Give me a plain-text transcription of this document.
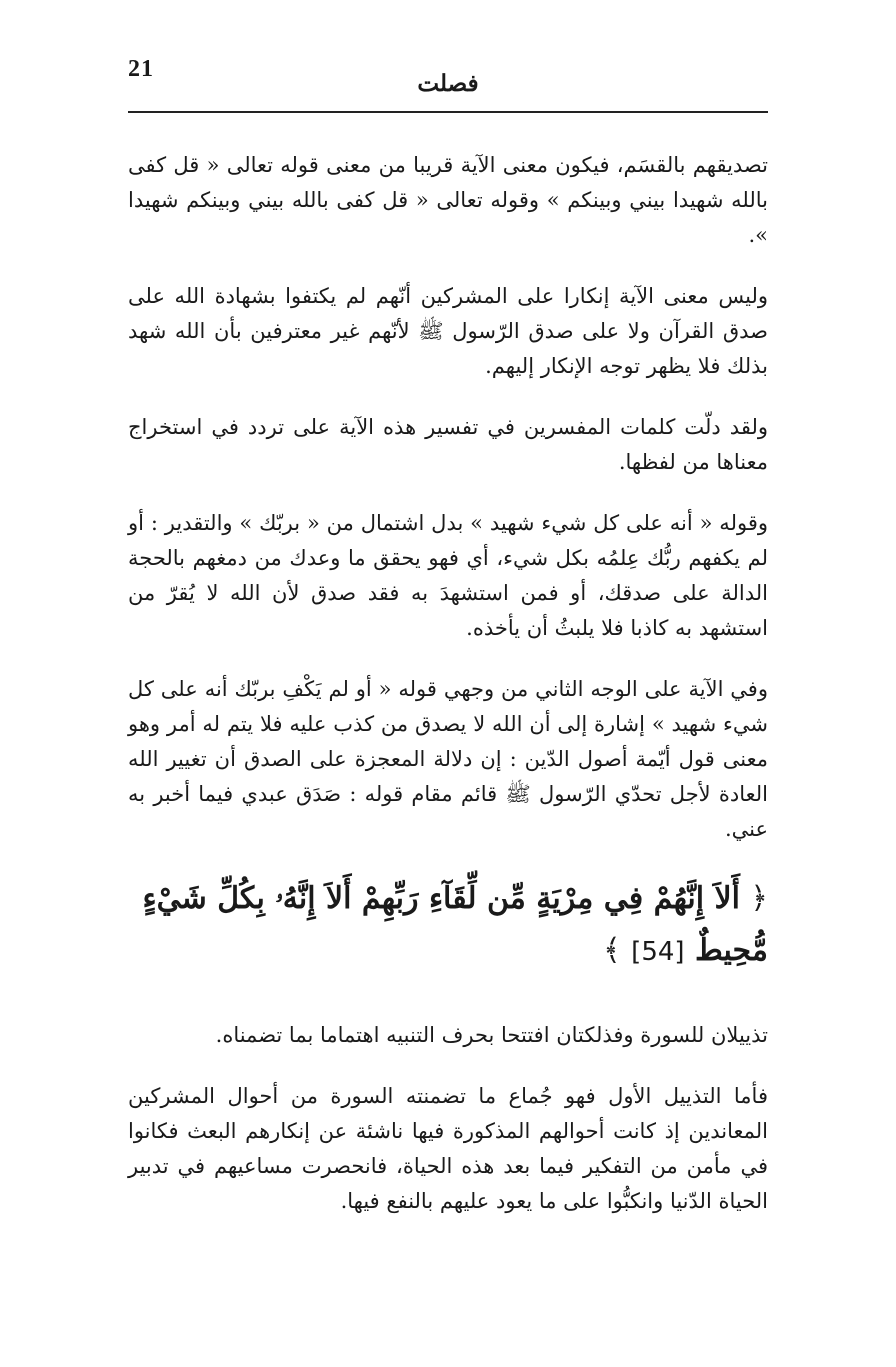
21
فصلت

تصديقهم بالقسَم، فيكون معنى الآية قريبا من معنى قوله تعالى « قل كفى بالله شهيدا بيني وبينكم » وقوله تعالى « قل كفى بالله بيني وبينكم شهيدا ».

وليس معنى الآية إنكارا على المشركين أنّهم لم يكتفوا بشهادة الله على صدق القرآن ولا على صدق الرّسول ﷺ لأنّهم غير معترفين بأن الله شهد بذلك فلا يظهر توجه الإنكار إليهم.

ولقد دلّت كلمات المفسرين في تفسير هذه الآية على تردد في استخراج معناها من لفظها.

وقوله « أنه على كل شيء شهيد » بدل اشتمال من « بربّك » والتقدير : أو لم يكفهم ربُّك عِلمُه بكل شيء، أي فهو يحقق ما وعدك من دمغهم بالحجة الدالة على صدقك، أو فمن استشهدَ به فقد صدق لأن الله لا يُقرّ من استشهد به كاذبا فلا يلبثُ أن يأخذه.

وفي الآية على الوجه الثاني من وجهي قوله « أو لم يَكْفِ بربّك أنه على كل شيء شهيد » إشارة إلى أن الله لا يصدق من كذب عليه فلا يتم له أمر وهو معنى قول أيّمة أصول الدّين : إن دلالة المعجزة على الصدق أن تغيير الله العادة لأجل تحدّي الرّسول ﷺ قائم مقام قوله : صَدَق عبدي فيما أخبر به عني.

﴿ أَلاَ إِنَّهُمْ فِي مِرْيَةٍ مِّن لِّقَآءِ رَبِّهِمْ أَلاَ إِنَّهُۥ بِكُلِّ شَيْءٍ مُّحِيطٌ [54] ﴾

تذييلان للسورة وفذلكتان افتتحا بحرف التنبيه اهتماما بما تضمناه.

فأما التذييل الأول فهو جُماع ما تضمنته السورة من أحوال المشركين المعاندين إذ كانت أحوالهم المذكورة فيها ناشئة عن إنكارهم البعث فكانوا في مأمن من التفكير فيما بعد هذه الحياة، فانحصرت مساعيهم في تدبير الحياة الدّنيا وانكبُّوا على ما يعود عليهم بالنفع فيها.
